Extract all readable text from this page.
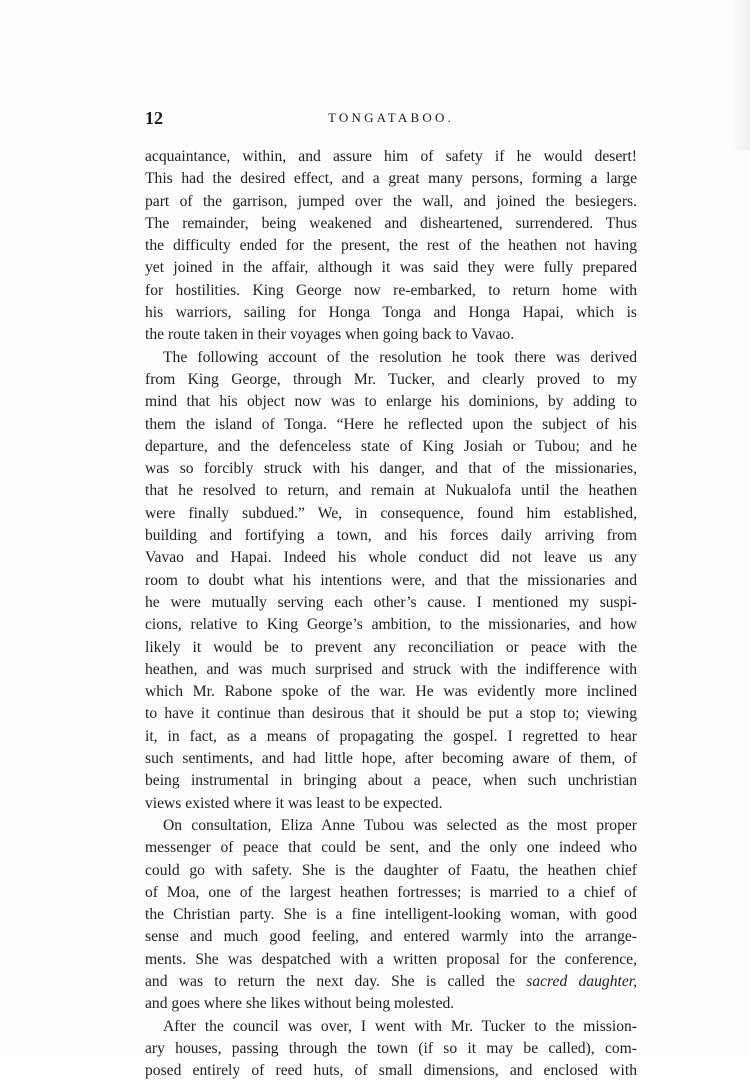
12	TONGATABOO.
acquaintance, within, and assure him of safety if he would desert!
This had the desired effect, and a great many persons, forming a large
part of the garrison, jumped over the wall, and joined the besiegers.
The remainder, being weakened and disheartened, surrendered. Thus
the difficulty ended for the present, the rest of the heathen not having
yet joined in the affair, although it was said they were fully prepared
for hostilities. King George now re-embarked, to return home with
his warriors, sailing for Honga Tonga and Honga Hapai, which is
the route taken in their voyages when going back to Vavao.
The following account of the resolution he took there was derived
from King George, through Mr. Tucker, and clearly proved to my
mind that his object now was to enlarge his dominions, by adding to
them the island of Tonga. “Here he reflected upon the subject of his
departure, and the defenceless state of King Josiah or Tubou; and he
was so forcibly struck with his danger, and that of the missionaries,
that he resolved to return, and remain at Nukualofa until the heathen
were finally subdued.” We, in consequence, found him established,
building and fortifying a town, and his forces daily arriving from
Vavao and Hapai. Indeed his whole conduct did not leave us any
room to doubt what his intentions were, and that the missionaries and
he were mutually serving each other’s cause. I mentioned my suspi-
cions, relative to King George’s ambition, to the missionaries, and how
likely it would be to prevent any reconciliation or peace with the
heathen, and was much surprised and struck with the indifference with
which Mr. Rabone spoke of the war. He was evidently more inclined
to have it continue than desirous that it should be put a stop to; viewing
it, in fact, as a means of propagating the gospel. I regretted to hear
such sentiments, and had little hope, after becoming aware of them, of
being instrumental in bringing about a peace, when such unchristian
views existed where it was least to be expected.
On consultation, Eliza Anne Tubou was selected as the most proper
messenger of peace that could be sent, and the only one indeed who
could go with safety. She is the daughter of Faatu, the heathen chief
of Moa, one of the largest heathen fortresses; is married to a chief of
the Christian party. She is a fine intelligent-looking woman, with good
sense and much good feeling, and entered warmly into the arrange-
ments. She was despatched with a written proposal for the conference,
and was to return the next day. She is called the sacred daughter,
and goes where she likes without being molested.
After the council was over, I went with Mr. Tucker to the mission-
ary houses, passing through the town (if so it may be called), com-
posed entirely of reed huts, of small dimensions, and enclosed with
